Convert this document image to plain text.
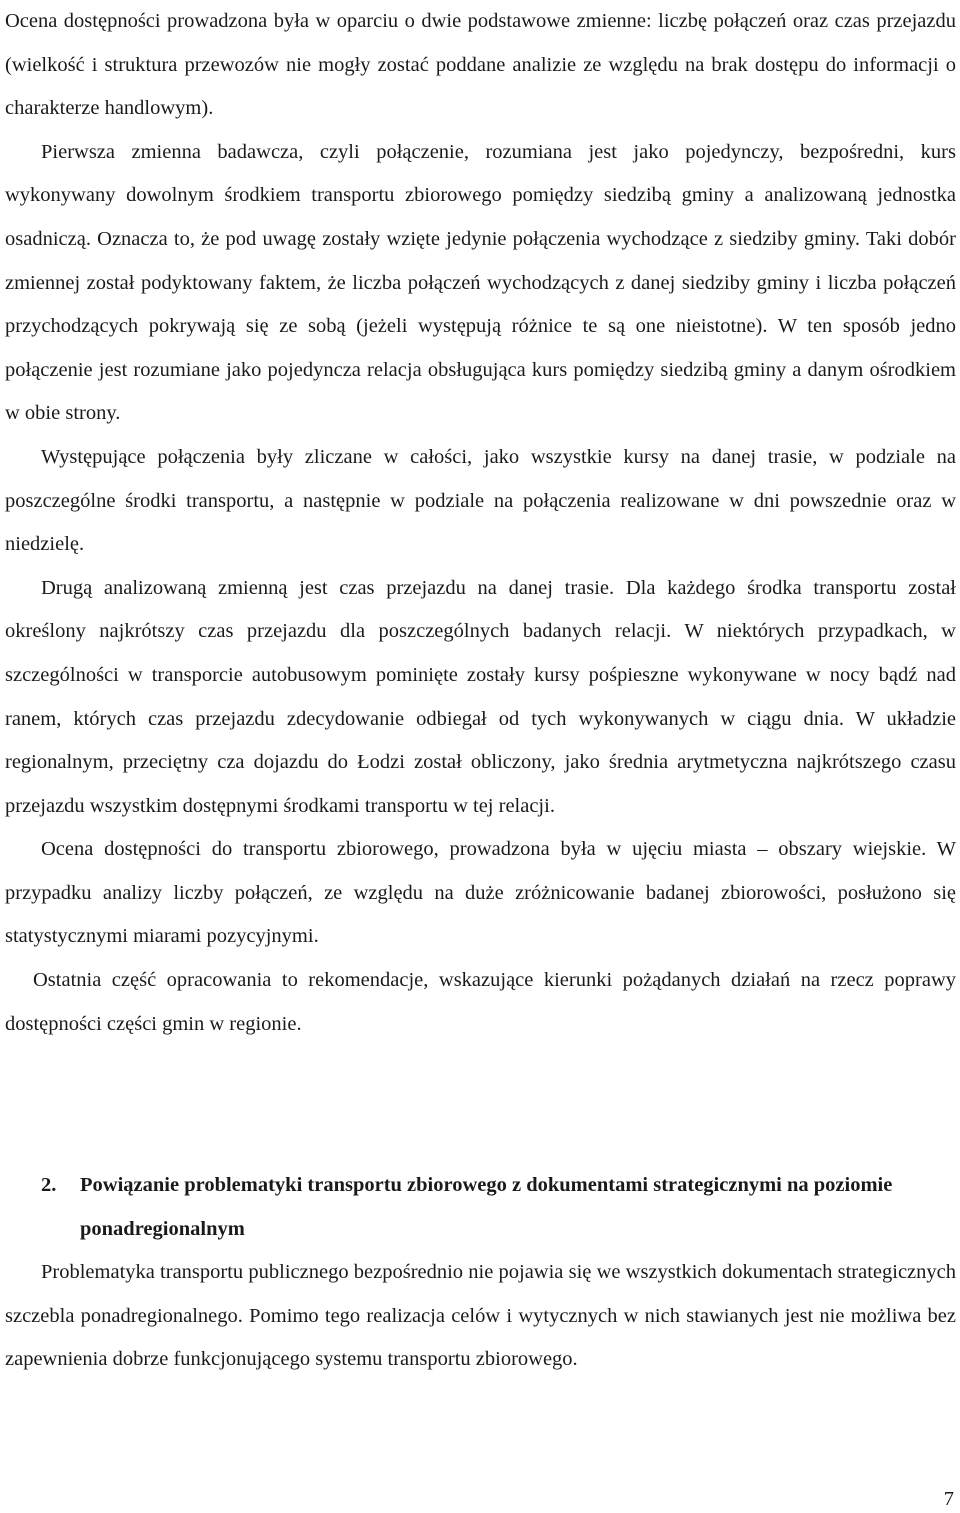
Ocena dostępności prowadzona była w oparciu o dwie podstawowe zmienne: liczbę połączeń oraz czas przejazdu (wielkość i struktura przewozów nie mogły zostać poddane analizie ze względu na brak dostępu do informacji o charakterze handlowym).

Pierwsza zmienna badawcza, czyli połączenie, rozumiana jest jako pojedynczy, bezpośredni, kurs wykonywany dowolnym środkiem transportu zbiorowego pomiędzy siedzibą gminy a analizowaną jednostka osadniczą. Oznacza to, że pod uwagę zostały wzięte jedynie połączenia wychodzące z siedziby gminy. Taki dobór zmiennej został podyktowany faktem, że liczba połączeń wychodzących z danej siedziby gminy i liczba połączeń przychodzących pokrywają się ze sobą (jeżeli występują różnice te są one nieistotne). W ten sposób jedno połączenie jest rozumiane jako pojedyncza relacja obsługująca kurs pomiędzy siedzibą gminy a danym ośrodkiem w obie strony.

Występujące połączenia były zliczane w całości, jako wszystkie kursy na danej trasie, w podziale na poszczególne środki transportu, a następnie w podziale na połączenia realizowane w dni powszednie oraz w niedzielę.

Drugą analizowaną zmienną jest czas przejazdu na danej trasie. Dla każdego środka transportu został określony najkrótszy czas przejazdu dla poszczególnych badanych relacji. W niektórych przypadkach, w szczególności w transporcie autobusowym pominięte zostały kursy pośpieszne wykonywane w nocy bądź nad ranem, których czas przejazdu zdecydowanie odbiegał od tych wykonywanych w ciągu dnia. W układzie regionalnym, przeciętny cza dojazdu do Łodzi został obliczony, jako średnia arytmetyczna najkrótszego czasu przejazdu wszystkim dostępnymi środkami transportu w tej relacji.

Ocena dostępności do transportu zbiorowego, prowadzona była w ujęciu miasta – obszary wiejskie. W przypadku analizy liczby połączeń, ze względu na duże zróżnicowanie badanej zbiorowości, posłużono się statystycznymi miarami pozycyjnymi.

Ostatnia część opracowania to rekomendacje, wskazujące kierunki pożądanych działań na rzecz poprawy dostępności części gmin w regionie.

2.	Powiązanie problematyki transportu zbiorowego z dokumentami strategicznymi na poziomie ponadregionalnym

Problematyka transportu publicznego bezpośrednio nie pojawia się we wszystkich dokumentach strategicznych szczebla ponadregionalnego. Pomimo tego realizacja celów i wytycznych w nich stawianych jest nie możliwa bez zapewnienia dobrze funkcjonującego systemu transportu zbiorowego.

7
